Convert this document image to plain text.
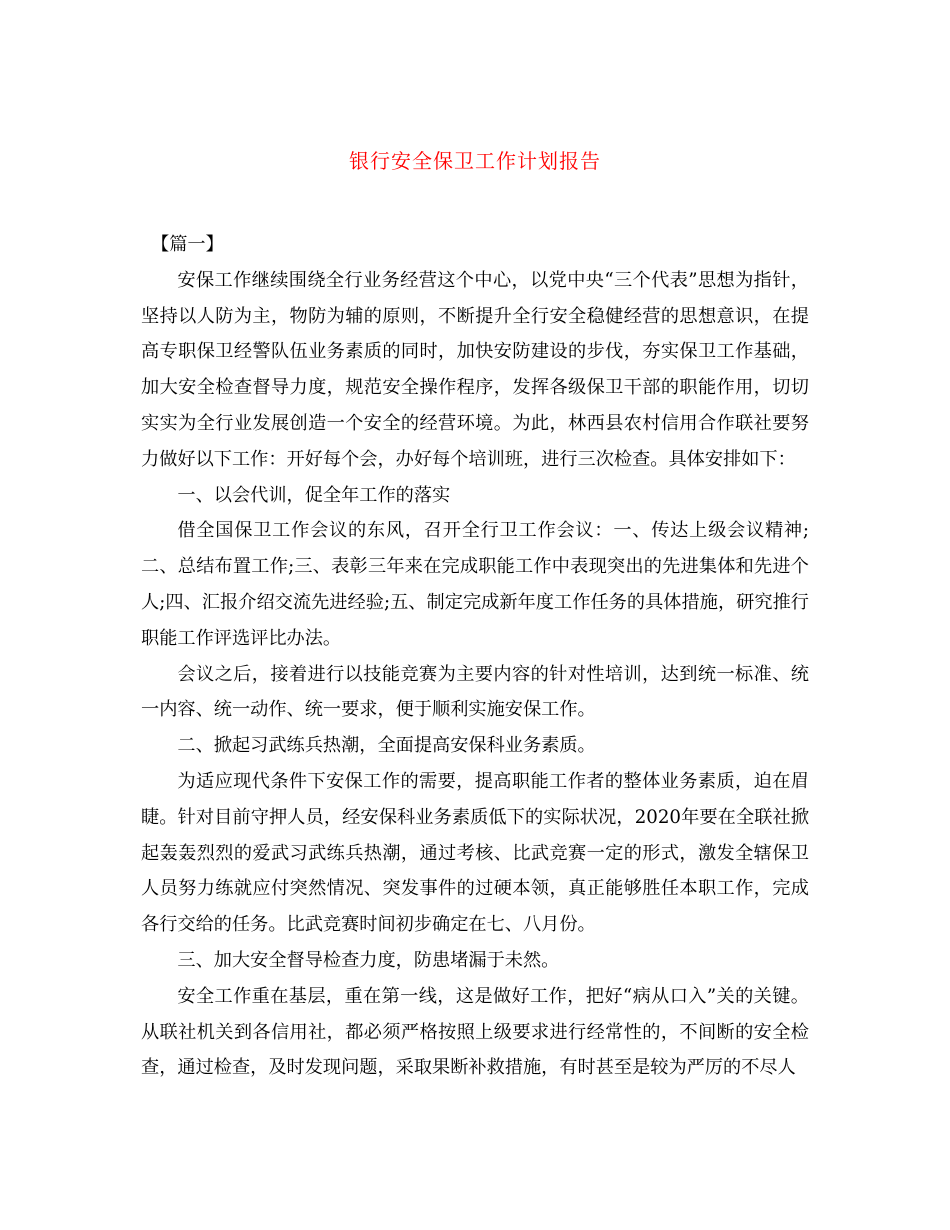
银行安全保卫工作计划报告

【篇一】

安保工作继续围绕全行业务经营这个中心，以党中央“三个代表”思想为指针，坚持以人防为主，物防为辅的原则，不断提升全行安全稳健经营的思想意识，在提高专职保卫经警队伍业务素质的同时，加快安防建设的步伐，夯实保卫工作基础，加大安全检查督导力度，规范安全操作程序，发挥各级保卫干部的职能作用，切切实实为全行业发展创造一个安全的经营环境。为此，林西县农村信用合作联社要努力做好以下工作：开好每个会，办好每个培训班，进行三次检查。具体安排如下：

一、以会代训，促全年工作的落实

借全国保卫工作会议的东风，召开全行卫工作会议：一、传达上级会议精神;二、总结布置工作;三、表彰三年来在完成职能工作中表现突出的先进集体和先进个人;四、汇报介绍交流先进经验;五、制定完成新年度工作任务的具体措施，研究推行职能工作评选评比办法。

会议之后，接着进行以技能竞赛为主要内容的针对性培训，达到统一标准、统一内容、统一动作、统一要求，便于顺利实施安保工作。

二、掀起习武练兵热潮，全面提高安保科业务素质。

为适应现代条件下安保工作的需要，提高职能工作者的整体业务素质，迫在眉睫。针对目前守押人员，经安保科业务素质低下的实际状况，2020年要在全联社掀起轰轰烈烈的爱武习武练兵热潮，通过考核、比武竞赛一定的形式，激发全辖保卫人员努力练就应付突然情况、突发事件的过硬本领，真正能够胜任本职工作，完成各行交给的任务。比武竞赛时间初步确定在七、八月份。

三、加大安全督导检查力度，防患堵漏于未然。

安全工作重在基层，重在第一线，这是做好工作，把好“病从口入”关的关键。从联社机关到各信用社，都必须严格按照上级要求进行经常性的，不间断的安全检查，通过检查，及时发现问题，采取果断补救措施，有时甚至是较为严厉的不尽人
